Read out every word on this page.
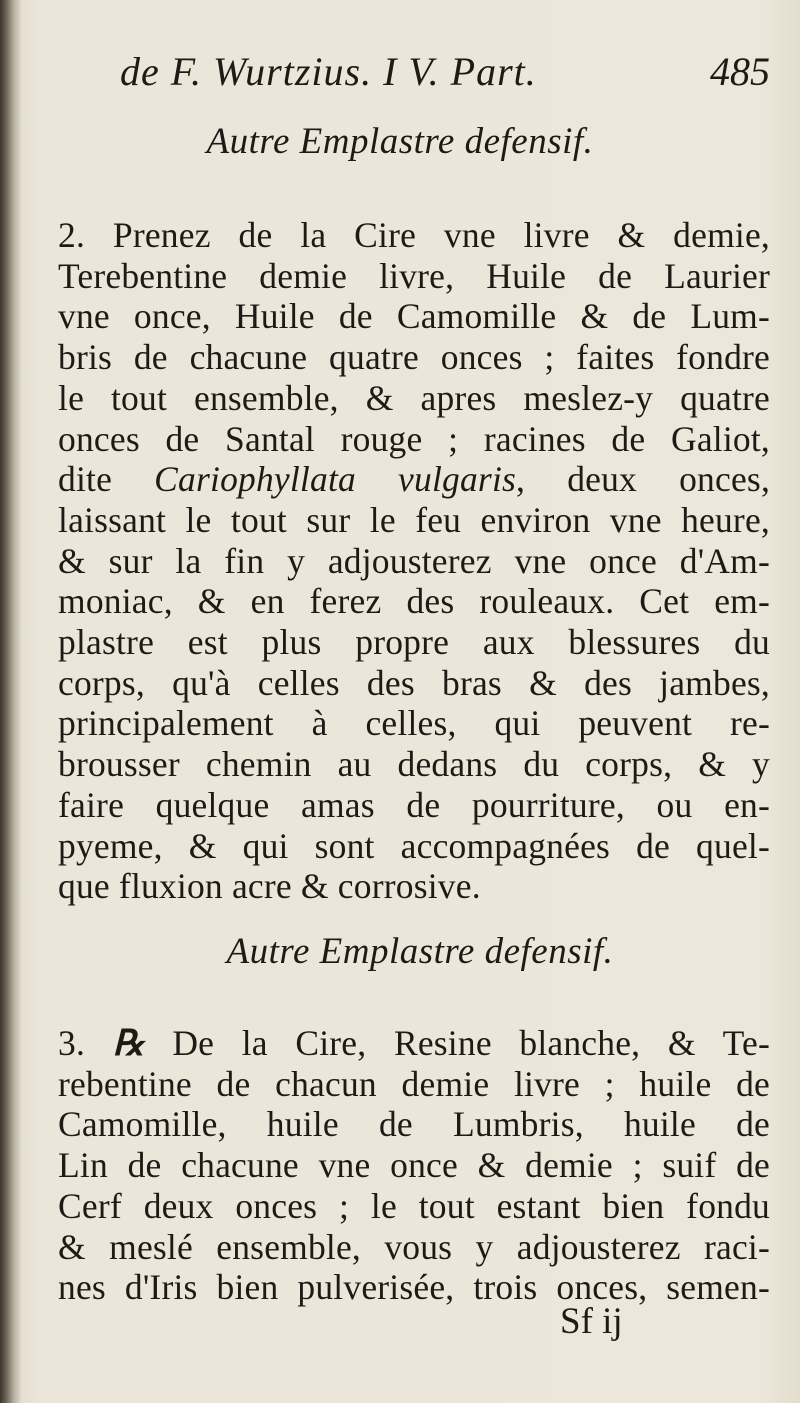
de F. Wurtzius. I V. Part.	485
Autre Emplastre defensif.
2. Prenez de la Cire vne livre & demie,
Terebentine demie livre, Huile de Laurier
vne once, Huile de Camomille & de Lum-
bris de chacune quatre onces ; faites fondre
le tout ensemble, & apres meslez-y quatre
onces de Santal rouge ; racines de Galiot,
dite Cariophyllata vulgaris, deux onces,
laissant le tout sur le feu environ vne heure,
& sur la fin y adjousterez vne once d'Am-
moniac, & en ferez des rouleaux. Cet em-
plastre est plus propre aux blessures du
corps, qu'à celles des bras & des jambes,
principalement à celles, qui peuvent re-
brousser chemin au dedans du corps, & y
faire quelque amas de pourriture, ou en-
pyeme, & qui sont accompagnées de quel-
que fluxion acre & corrosive.
Autre Emplastre defensif.
3. ℞ De la Cire, Resine blanche, & Te-
rebentine de chacun demie livre ; huile de
Camomille, huile de Lumbris, huile de
Lin de chacune vne once & demie ; suif de
Cerf deux onces ; le tout estant bien fondu
& meslé ensemble, vous y adjousterez raci-
nes d'Iris bien pulverisée, trois onces, semen-
Sf ij
